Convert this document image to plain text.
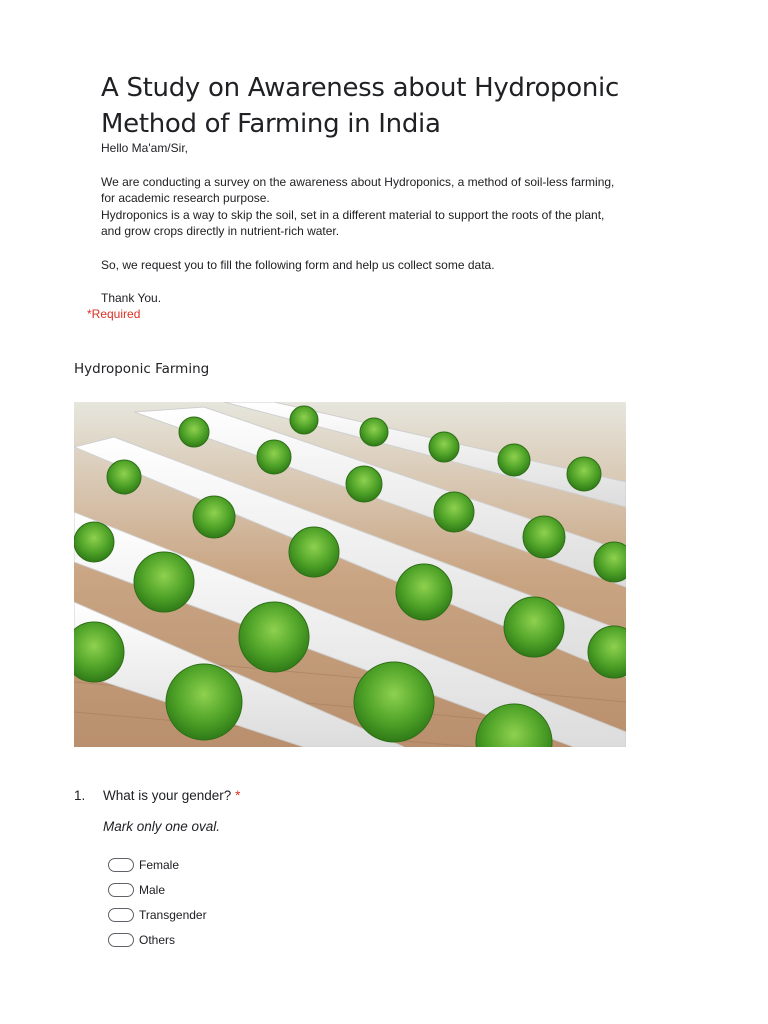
A Study on Awareness about Hydroponic Method of Farming in India

Hello Ma'am/Sir,

We are conducting a survey on the awareness about Hydroponics, a method of soil-less farming, for academic research purpose.

Hydroponics is a way to skip the soil, set in a different material to support the roots of the plant, and grow crops directly in nutrient-rich water.

So, we request you to fill the following form and help us collect some data.

Thank You.

*Required
Hydroponic Farming
1. What is your gender? *
Mark only one oval.
Female
Male
Transgender
Others
